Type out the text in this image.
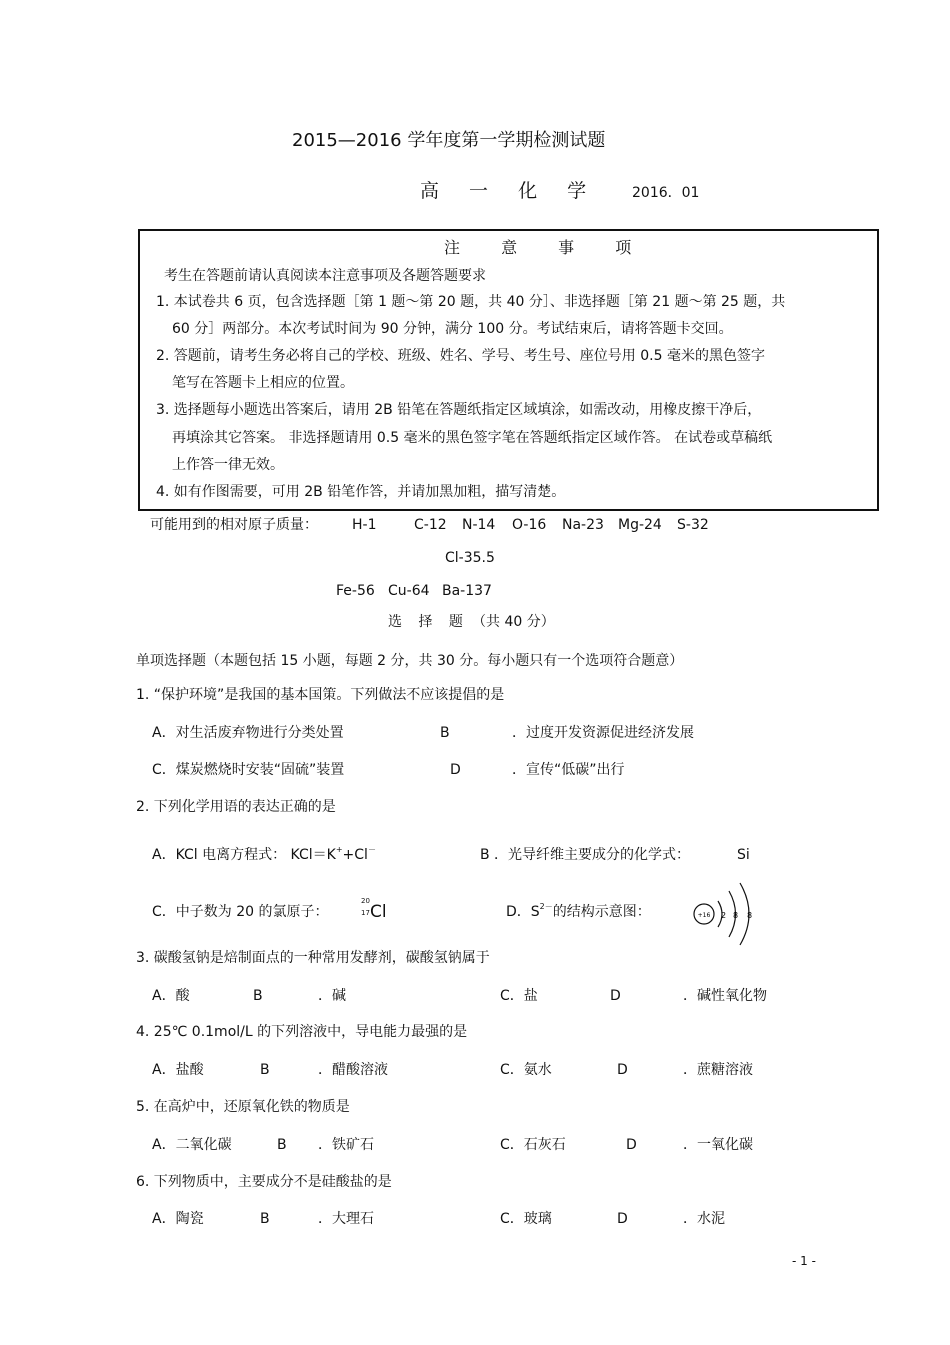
2015—2016 学年度第一学期检测试题
高 一 化 学 2016．01
注 意 事 项
考生在答题前请认真阅读本注意事项及各题答题要求
1. 本试卷共 6 页，包含选择题［第 1 题～第 20 题，共 40 分］、非选择题［第 21 题～第 25 题，共
60 分］两部分。本次考试时间为 90 分钟，满分 100 分。考试结束后，请将答题卡交回。
2. 答题前，请考生务必将自己的学校、班级、姓名、学号、考生号、座位号用 0.5 毫米的黑色签字
笔写在答题卡上相应的位置。
3. 选择题每小题选出答案后，请用 2B 铅笔在答题纸指定区域填涂，如需改动，用橡皮擦干净后，
再填涂其它答案。 非选择题请用 0.5 毫米的黑色签字笔在答题纸指定区域作答。 在试卷或草稿纸
上作答一律无效。
4. 如有作图需要，可用 2B 铅笔作答，并请加黑加粗，描写清楚。
可能用到的相对原子质量： H-1	C-12 N-14 O-16 Na-23 Mg-24 S-32
Cl-35.5
Fe-56 Cu-64 Ba-137
选 择 题 （共 40 分）
单项选择题（本题包括 15 小题，每题 2 分，共 30 分。每小题只有一个选项符合题意）
1. “保护环境”是我国的基本国策。下列做法不应该提倡的是
A．对生活废弃物进行分类处置	B	．过度开发资源促进经济发展
C．煤炭燃烧时安装“固硫”装置	D	．宣传“低碳”出行
2. 下列化学用语的表达正确的是
A．KCl 电离方程式： KCl＝K++Cl－	B ．光导纤维主要成分的化学式：	Si
C．中子数为 20 的氯原子：
20
17 Cl	D．$S^{2-}$的结构示意图：	+16 2 8 8
3. 碳酸氢钠是焙制面点的一种常用发酵剂，碳酸氢钠属于
A．酸	B	．碱	C．盐	D	．碱性氧化物
4. 25℃ 0.1mol/L 的下列溶液中，导电能力最强的是
A．盐酸	B	．醋酸溶液	C．氨水	D	．蔗糖溶液
5. 在高炉中，还原氧化铁的物质是
A．二氧化碳	B ．铁矿石	C．石灰石	D	．一氧化碳
6. 下列物质中，主要成分不是硅酸盐的是
A．陶瓷	B	．大理石	C．玻璃	D	．水泥
- 1 -
